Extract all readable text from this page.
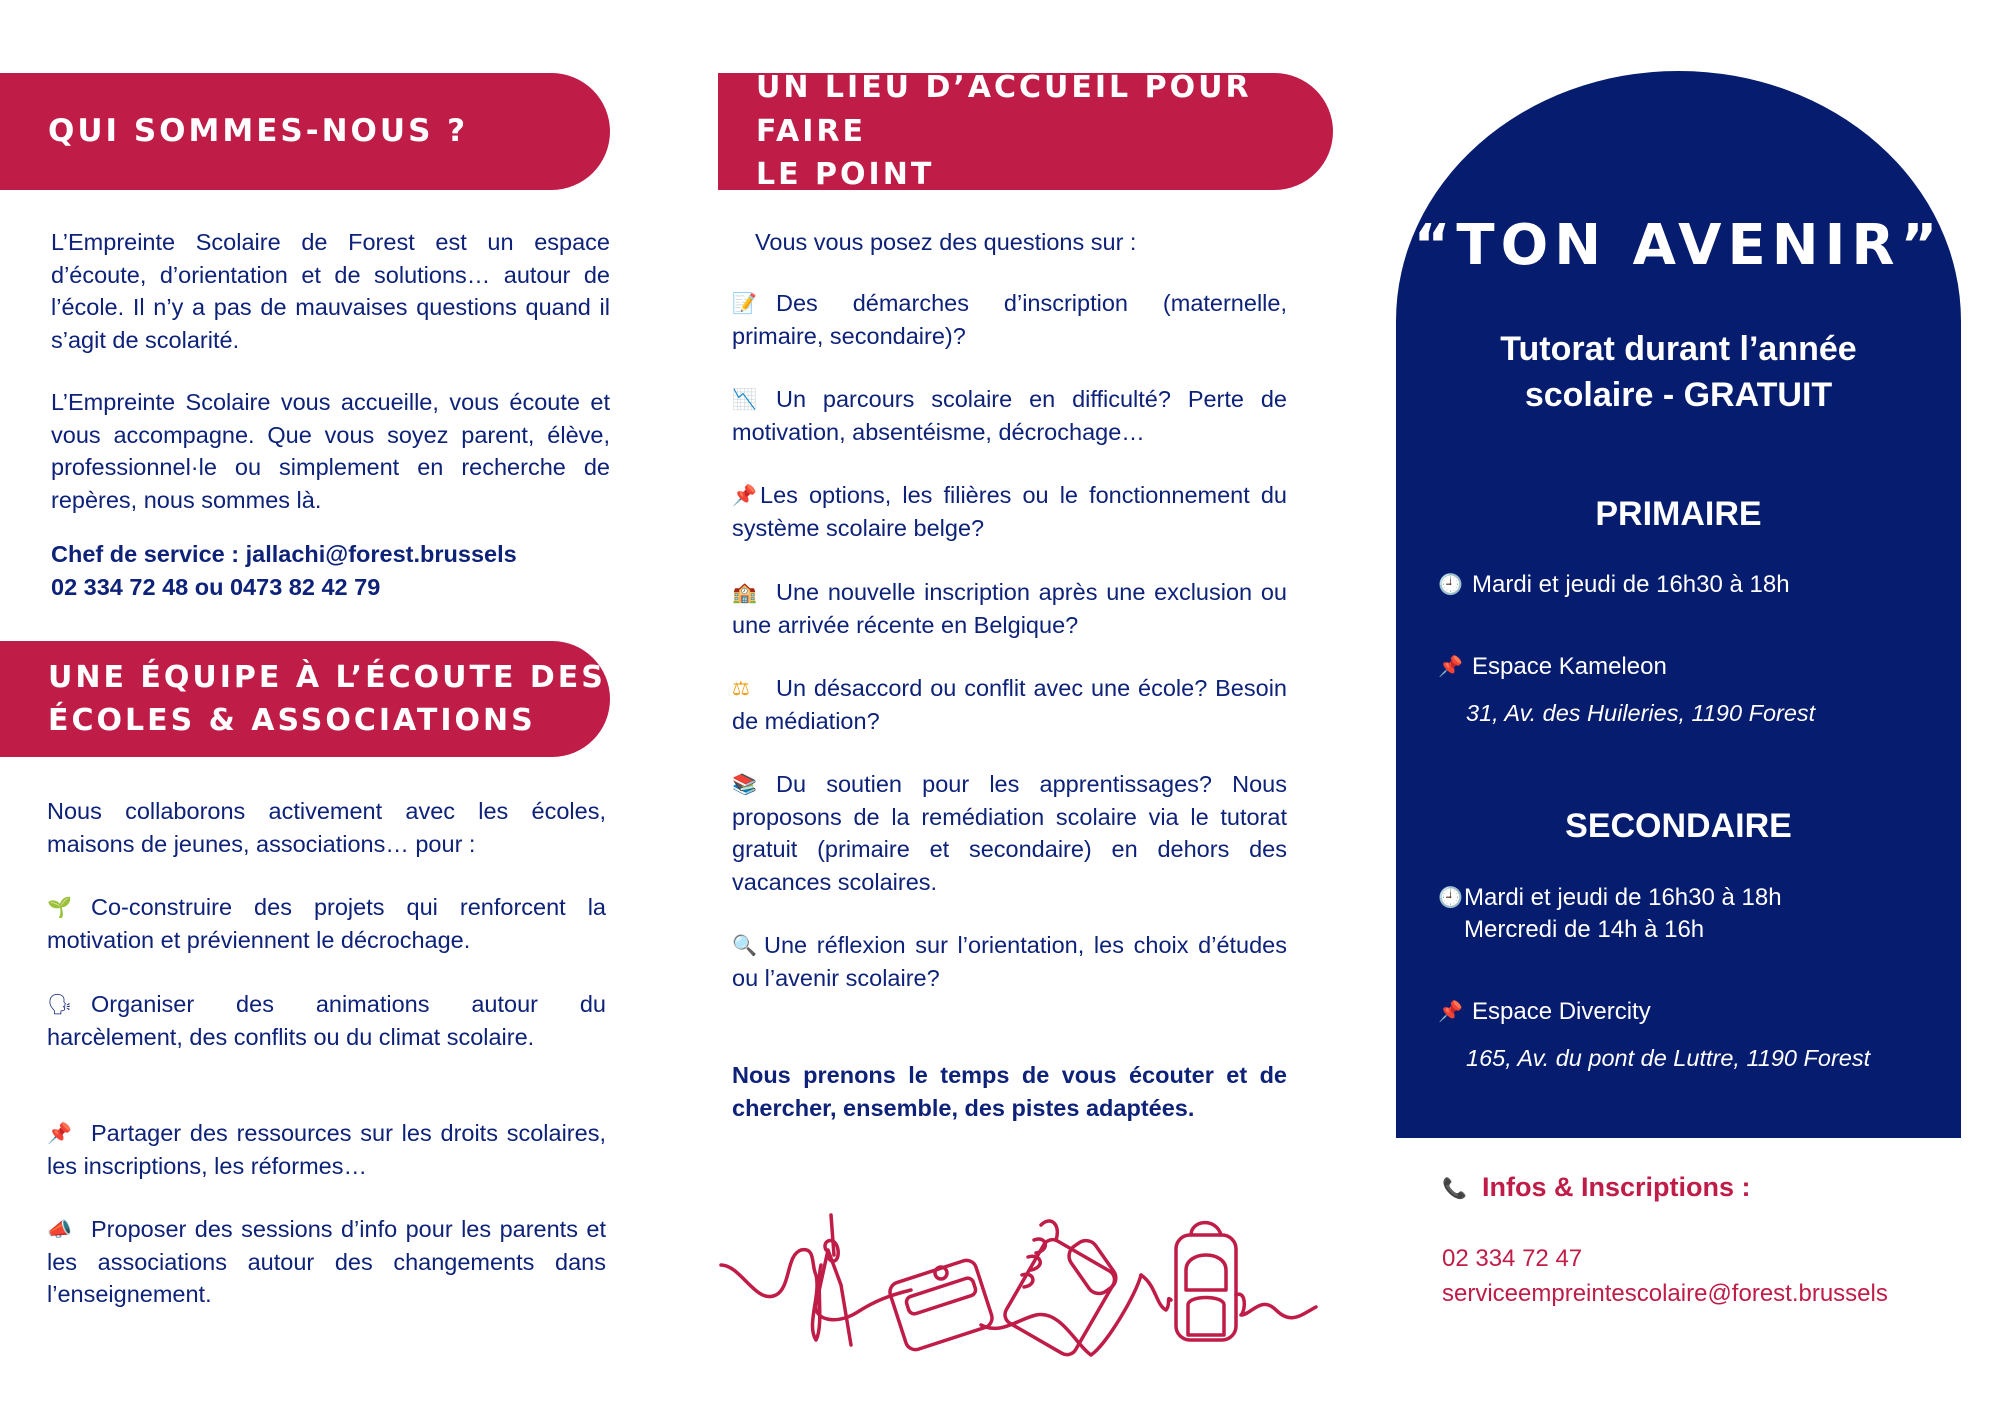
QUI SOMMES-NOUS ?

L’Empreinte Scolaire de Forest est un espace d’écoute, d’orientation et de solutions… autour de l’école. Il n’y a pas de mauvaises questions quand il s’agit de scolarité.

L’Empreinte Scolaire vous accueille, vous écoute et vous accompagne. Que vous soyez parent, élève, professionnel·le ou simplement en recherche de repères, nous sommes là.

Chef de service : jallachi@forest.brussels
02 334 72 48 ou 0473 82 42 79

UNE ÉQUIPE À L’ÉCOUTE DES
ÉCOLES & ASSOCIATIONS

Nous collaborons activement avec les écoles, maisons de jeunes, associations… pour :

🌱 Co-construire des projets qui renforcent la motivation et préviennent le décrochage.
🗣 Organiser des animations autour du harcèlement, des conflits ou du climat scolaire.
📌 Partager des ressources sur les droits scolaires, les inscriptions, les réformes…
📣 Proposer des sessions d’info pour les parents et les associations autour des changements dans l’enseignement.
UN LIEU D’ACCUEIL POUR FAIRE
LE POINT

Vous vous posez des questions sur :

📝 Des démarches d’inscription (maternelle, primaire, secondaire)?
📉 Un parcours scolaire en difficulté? Perte de motivation, absentéisme, décrochage…
📌 Les options, les filières ou le fonctionnement du système scolaire belge?
🏫 Une nouvelle inscription après une exclusion ou une arrivée récente en Belgique?
⚖ Un désaccord ou conflit avec une école? Besoin de médiation?
📚 Du soutien pour les apprentissages? Nous proposons de la remédiation scolaire via le tutorat gratuit (primaire et secondaire) en dehors des vacances scolaires.
🔍 Une réflexion sur l’orientation, les choix d’études ou l’avenir scolaire?

Nous prenons le temps de vous écouter et de chercher, ensemble, des pistes adaptées.

“TON AVENIR”
Tutorat durant l’année
scolaire - GRATUIT
PRIMAIRE
🕘 Mardi et jeudi de 16h30 à 18h
📌 Espace Kameleon
31, Av. des Huileries, 1190 Forest
SECONDAIRE
🕘Mardi et jeudi de 16h30 à 18h
Mercredi de 14h à 16h
📌 Espace Divercity
165, Av. du pont de Luttre, 1190 Forest
📞 Infos & Inscriptions :
02 334 72 47
serviceempreintescolaire@forest.brussels
